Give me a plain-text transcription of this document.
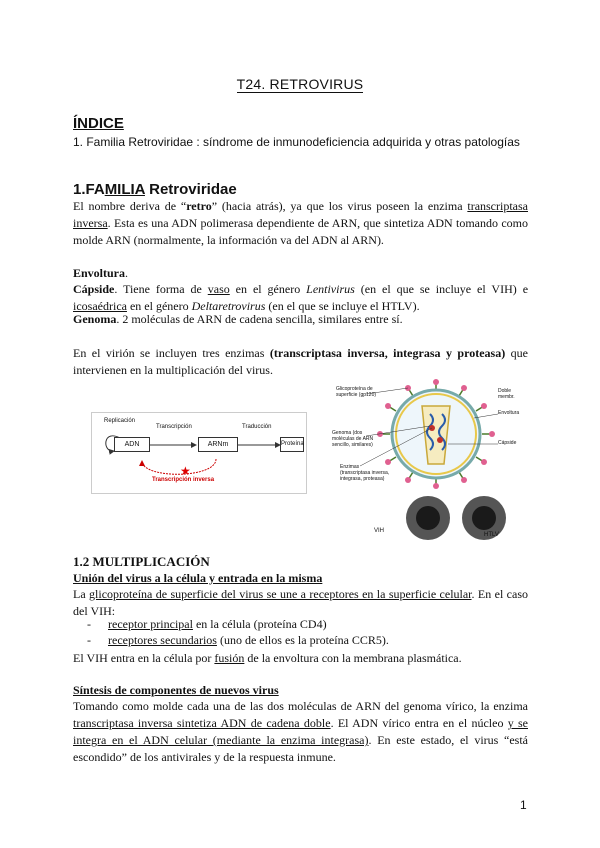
T24. RETROVIRUS
ÍNDICE
1. Familia Retroviridae : síndrome de inmunodeficiencia adquirida y otras patologías
1.FAMILIA Retroviridae
El nombre deriva de “retro” (hacia atrás), ya que los virus poseen la enzima transcriptasa inversa. Esta es una ADN polimerasa dependiente de ARN, que sintetiza ADN tomando como molde ARN (normalmente, la información va del ADN al ARN).
Envoltura.
Cápside. Tiene forma de vaso en el género Lentivirus (en el que se incluye el VIH) e icosaédrica en el género Deltaretrovirus (en el que se incluye el HTLV).
Genoma. 2 moléculas de ARN de cadena sencilla, similares entre sí.
En el virión se incluyen tres enzimas (transcriptasa inversa, integrasa y proteasa) que intervienen en la multiplicación del virus.
★
Replicación
Transcripción	Traducción
ADN	ARNm	Proteína
Transcripción inversa
Glicoproteína de
superficie (gp120)
Doble membr.
Envoltura
Genoma (dos
moléculas de ARN
sencillo, similares)	Cápside
Enzimas
(transcriptasa inversa,
integrasa, proteasa)
VIH
HTLV
1.2 MULTIPLICACIÓN
Unión del virus a la célula y entrada en la misma
La glicoproteína de superficie del virus se une a receptores en la superficie celular. En el caso del VIH:
- receptor principal en la célula (proteína CD4)
- receptores secundarios (uno de ellos es la proteína CCR5).
El VIH entra en la célula por fusión de la envoltura con la membrana plasmática.
Síntesis de componentes de nuevos virus
Tomando como molde cada una de las dos moléculas de ARN del genoma vírico, la enzima transcriptasa inversa sintetiza ADN de cadena doble. El ADN vírico entra en el núcleo y se integra en el ADN celular (mediante la enzima integrasa). En este estado, el virus “está escondido” de los antivirales y de la respuesta inmune.
1
